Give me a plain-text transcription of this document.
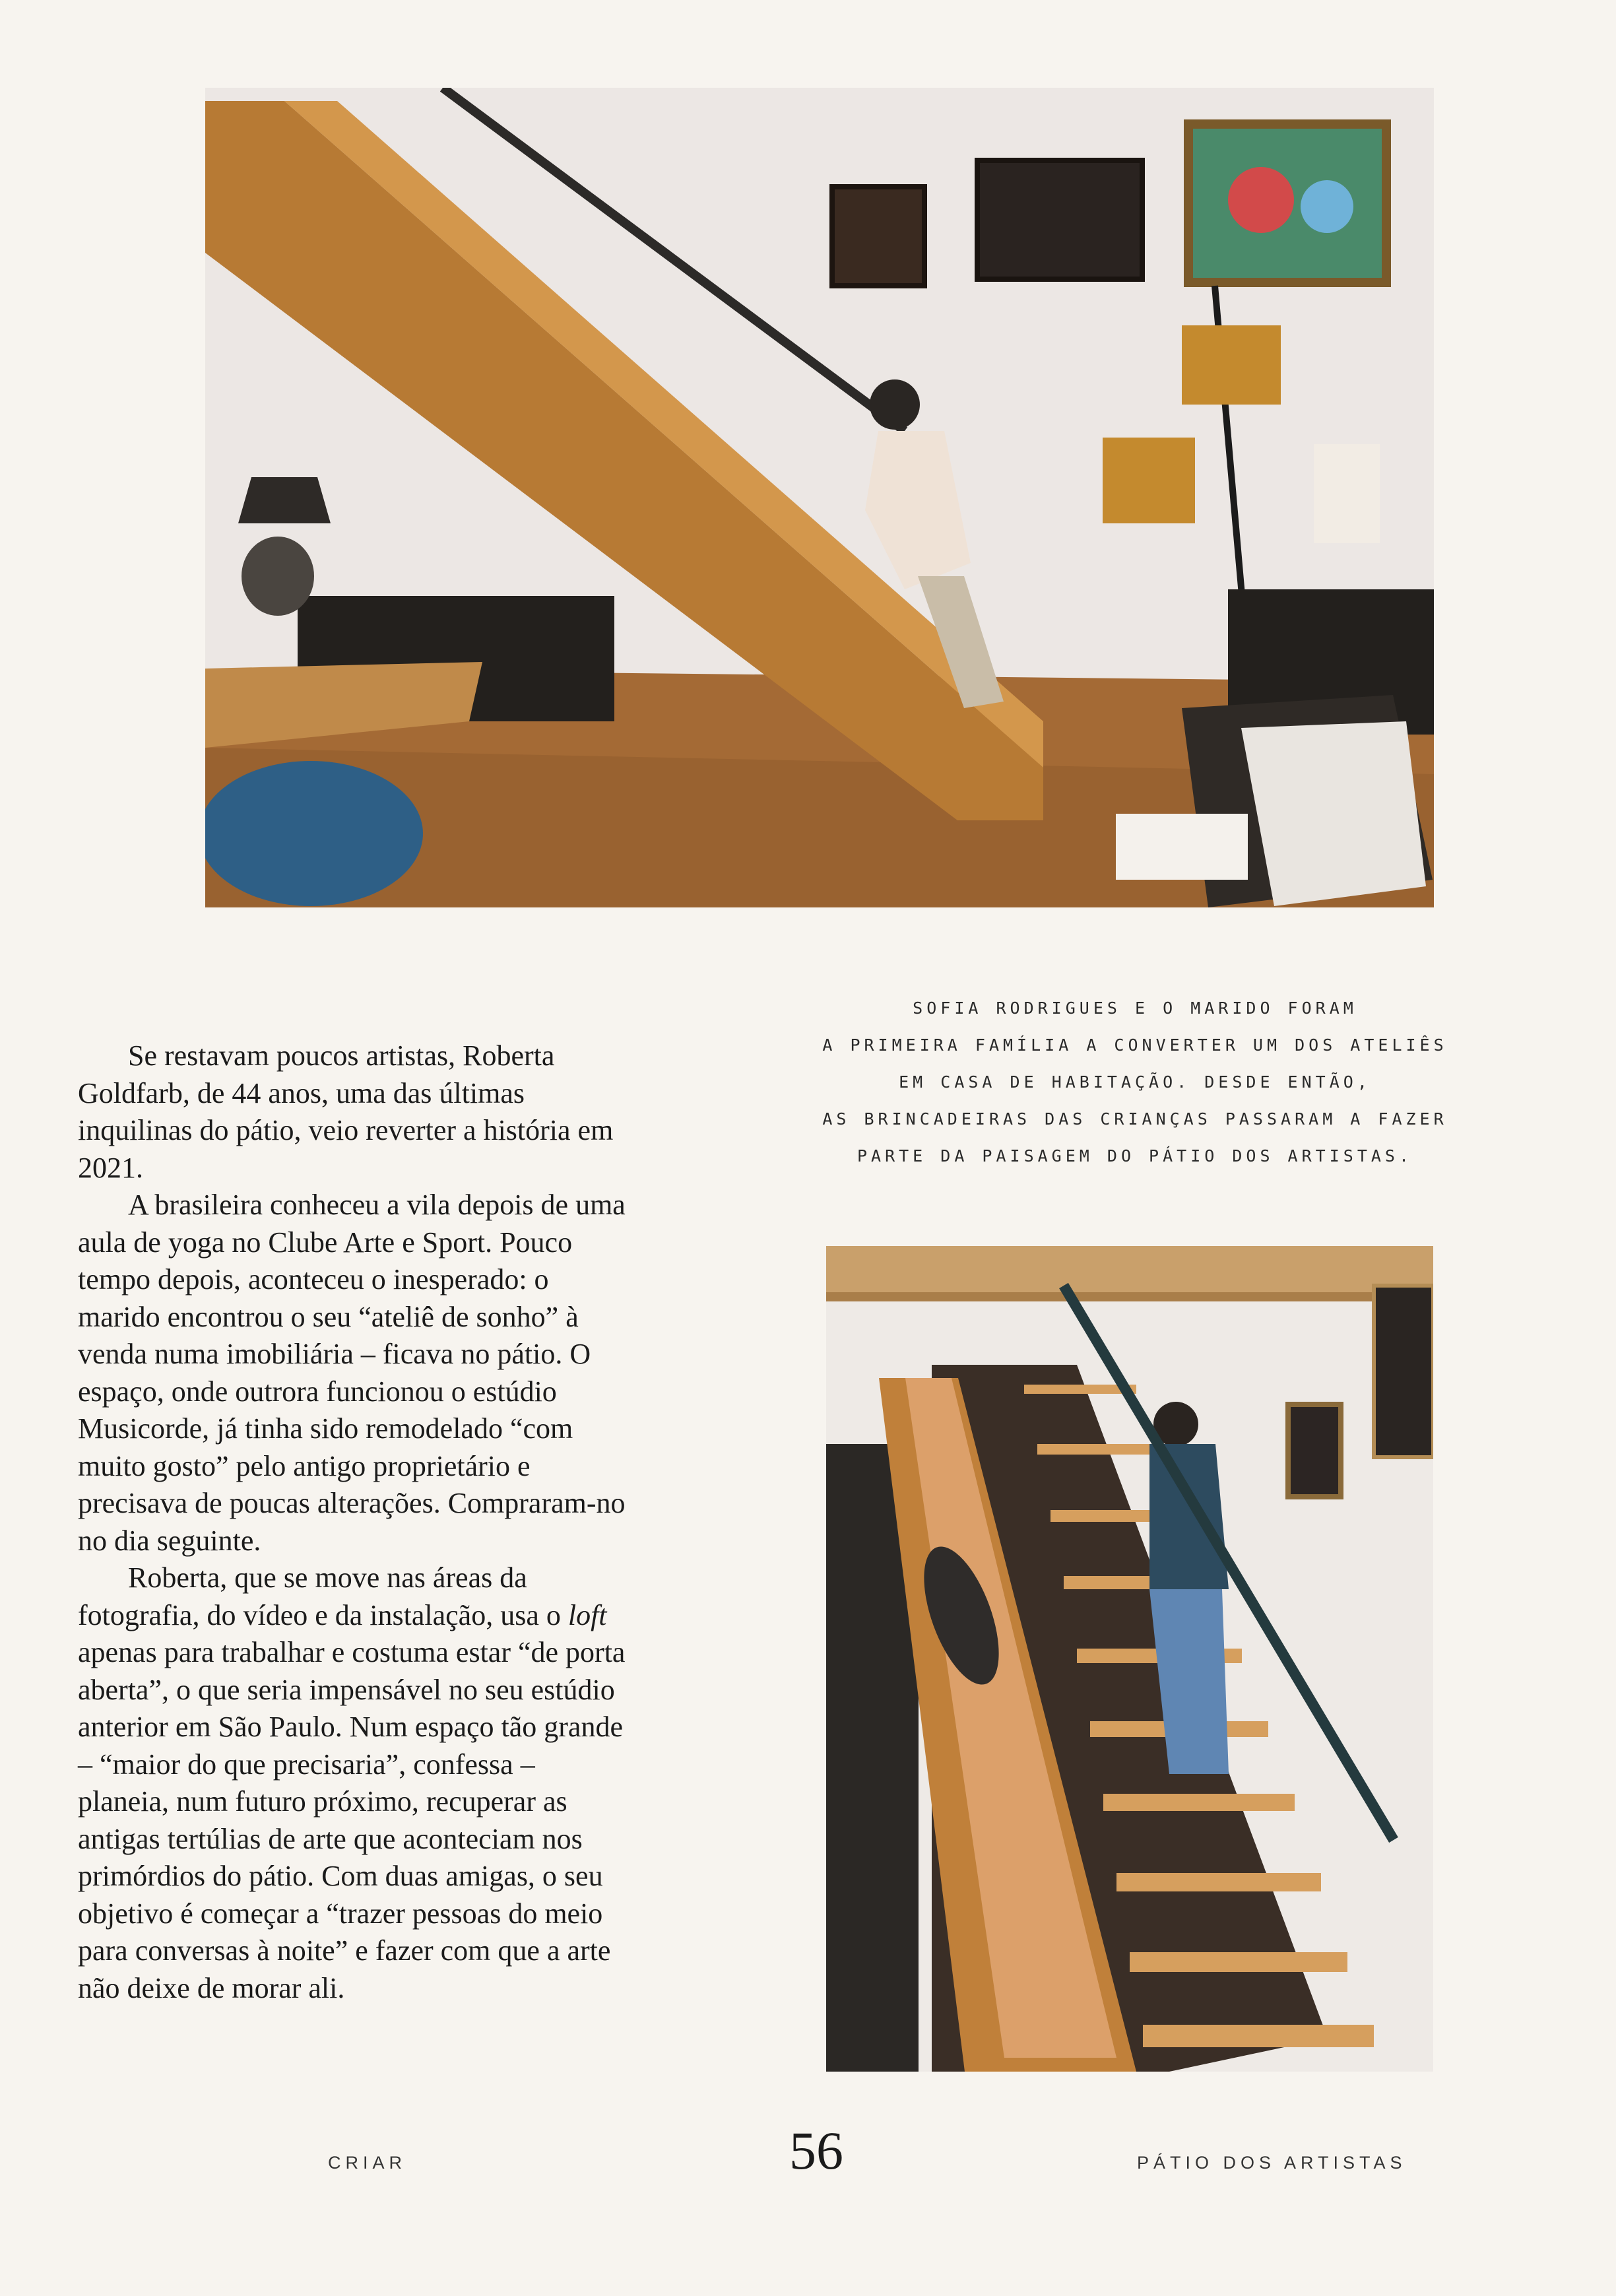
SOFIA RODRIGUES E O MARIDO FORAM
A PRIMEIRA FAMÍLIA A CONVERTER UM DOS ATELIÊS
EM CASA DE HABITAÇÃO. DESDE ENTÃO,
AS BRINCADEIRAS DAS CRIANÇAS PASSARAM A FAZER
PARTE DA PAISAGEM DO PÁTIO DOS ARTISTAS.

Se restavam poucos artistas, Roberta Goldfarb, de 44 anos, uma das últimas inquilinas do pátio, veio reverter a história em 2021.

A brasileira conheceu a vila depois de uma aula de yoga no Clube Arte e Sport. Pouco tempo depois, aconteceu o inesperado: o marido encontrou o seu “ateliê de sonho” à venda numa imobiliária – ficava no pátio. O espaço, onde outrora funcionou o estúdio Musicorde, já tinha sido remodelado “com muito gosto” pelo antigo proprietário e precisava de poucas alterações. Compraram-no no dia seguinte.

Roberta, que se move nas áreas da fotografia, do vídeo e da instalação, usa o loft apenas para trabalhar e costuma estar “de porta aberta”, o que seria impensável no seu estúdio anterior em São Paulo. Num espaço tão grande – “maior do que precisaria”, confessa – planeia, num futuro próximo, recuperar as antigas tertúlias de arte que aconteciam nos primórdios do pátio. Com duas amigas, o seu objetivo é começar a “trazer pessoas do meio para conversas à noite” e fazer com que a arte não deixe de morar ali.

CRIAR	56	PÁTIO DOS ARTISTAS
